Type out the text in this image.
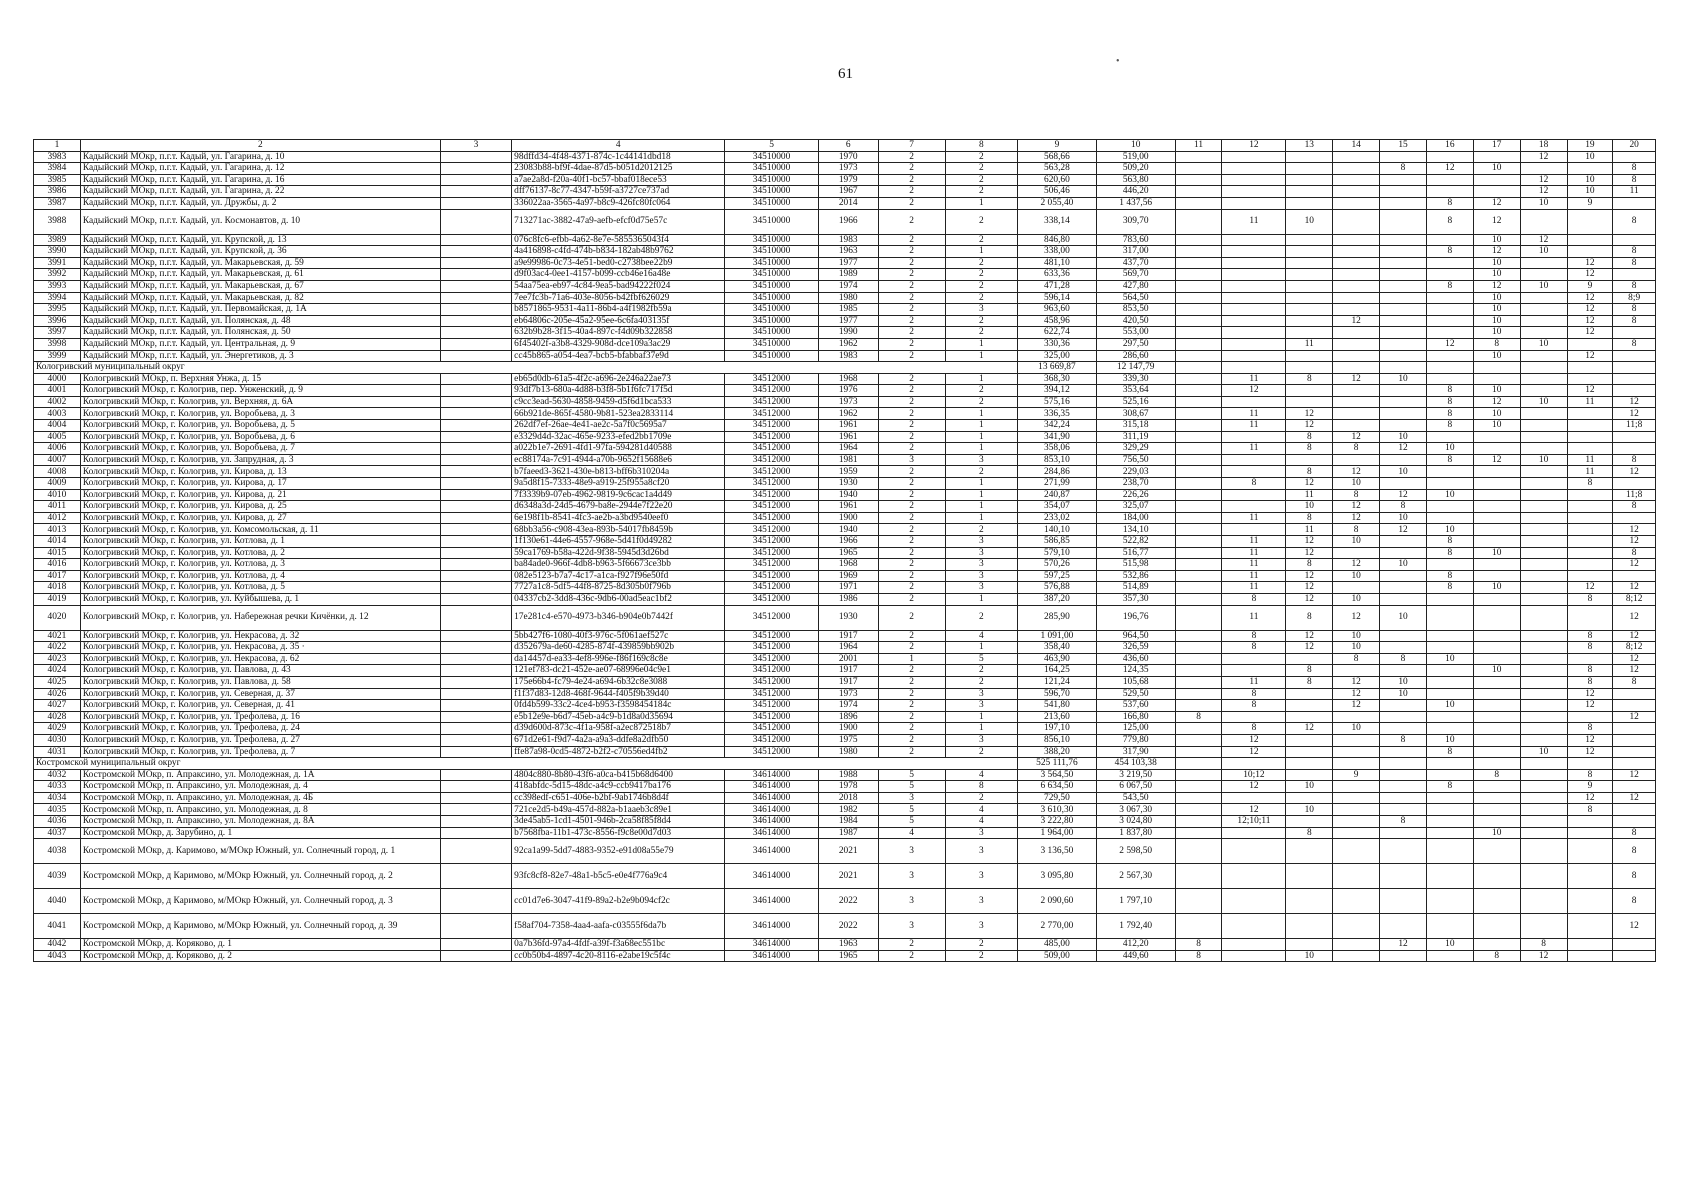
•
61
1	2	3	4	5	6	7	8	9	10	11	12	13	14	15	16	17	18	19	20
3983	Кадыйский МОкр, п.г.т. Кадый, ул. Гагарина, д. 10		98dffd34-4f48-4371-874c-1c44141dbd18	34510000	1970	2	2	568,66	519,00								12	10	
3984	Кадыйский МОкр, п.г.т. Кадый, ул. Гагарина, д. 12		23083b88-bf9f-4dae-87d5-b051d2012125	34510000	1973	2	2	563,28	509,20					8	12	10			8
3985	Кадыйский МОкр, п.г.т. Кадый, ул. Гагарина, д. 16		a7ae2a8d-f20a-40f1-bc57-bbaf018ece53	34510000	1979	2	2	620,60	563,80								12	10	8
3986	Кадыйский МОкр, п.г.т. Кадый, ул. Гагарина, д. 22		dff76137-8c77-4347-b59f-a3727ce737ad	34510000	1967	2	2	506,46	446,20								12	10	11
3987	Кадыйский МОкр, п.г.т. Кадый, ул. Дружбы, д. 2		336022aa-3565-4a97-b8c9-426fc80fc064	34510000	2014	2	1	2 055,40	1 437,56						8	12	10	9	
3988	Кадыйский МОкр, п.г.т. Кадый, ул. Космонавтов, д. 10		713271ac-3882-47a9-aefb-efcf0d75e57c	34510000	1966	2	2	338,14	309,70		11	10			8	12			8
3989	Кадыйский МОкр, п.г.т. Кадый, ул. Крупской, д. 13		076c8fc6-efbb-4a62-8e7e-5855365043f4	34510000	1983	2	2	846,80	783,60							10	12		
3990	Кадыйский МОкр, п.г.т. Кадый, ул. Крупской, д. 36		4a416898-c4fd-474b-b834-182ab48b9762	34510000	1963	2	1	338,00	317,00						8	12	10		8
3991	Кадыйский МОкр, п.г.т. Кадый, ул. Макарьевская, д. 59		a9e99986-0c73-4e51-bed0-c2738bee22b9	34510000	1977	2	2	481,10	437,70							10		12	8
3992	Кадыйский МОкр, п.г.т. Кадый, ул. Макарьевская, д. 61		d9f03ac4-0ee1-4157-b099-ccb46e16a48e	34510000	1989	2	2	633,36	569,70							10		12	
3993	Кадыйский МОкр, п.г.т. Кадый, ул. Макарьевская, д. 67		54aa75ea-eb97-4c84-9ea5-bad94222f024	34510000	1974	2	2	471,28	427,80						8	12	10	9	8
3994	Кадыйский МОкр, п.г.т. Кадый, ул. Макарьевская, д. 82		7ee7fc3b-71a6-403e-8056-b42fbf626029	34510000	1980	2	2	596,14	564,50							10		12	8;9
3995	Кадыйский МОкр, п.г.т. Кадый, ул. Первомайская, д. 1А		b8571865-9531-4a11-86b4-a4f1982fb59a	34510000	1985	2	3	963,60	853,50							10		12	8
3996	Кадыйский МОкр, п.г.т. Кадый, ул. Полянская, д. 48		eb64806c-205e-45a2-95ee-6c6fa403135f	34510000	1977	2	2	458,96	420,50				12			10		12	8
3997	Кадыйский МОкр, п.г.т. Кадый, ул. Полянская, д. 50		632b9b28-3f15-40a4-897c-f4d09b322858	34510000	1990	2	2	622,74	553,00							10		12	
3998	Кадыйский МОкр, п.г.т. Кадый, ул. Центральная, д. 9		6f45402f-a3b8-4329-908d-dce109a3ac29	34510000	1962	2	1	330,36	297,50			11			12	8	10		8
3999	Кадыйский МОкр, п.г.т. Кадый, ул. Энергетиков, д. 3		cc45b865-a054-4ea7-bcb5-bfabbaf37e9d	34510000	1983	2	1	325,00	286,60							10		12	
Кологривский муниципальный округ								13 669,87	12 147,79										
4000	Кологривский МОкр, п. Верхняя Унжа, д. 15		eb65d0db-61a5-4f2c-a696-2e246a22ae73	34512000	1968	2	1	368,30	339,30		11	8	12	10					
4001	Кологривский МОкр, г. Кологрив, пер. Унженский, д. 9		93df7b13-680a-4d88-b3f8-5b1f6fc717f5d	34512000	1976	2	2	394,12	353,64		12				8	10		12	
4002	Кологривский МОкр, г. Кологрив, ул. Верхняя, д. 6А		c9cc3ead-5630-4858-9459-d5f6d1bca533	34512000	1973	2	2	575,16	525,16						8	12	10	11	12
4003	Кологривский МОкр, г. Кологрив, ул. Воробьева, д. 3		66b921de-865f-4580-9b81-523ea2833114	34512000	1962	2	1	336,35	308,67		11	12			8	10			12
4004	Кологривский МОкр, г. Кологрив, ул. Воробьева, д. 5		262df7ef-26ae-4e41-ae2c-5a7f0c5695a7	34512000	1961	2	1	342,24	315,18		11	12			8	10			11;8
4005	Кологривский МОкр, г. Кологрив, ул. Воробьева, д. 6		e3329d4d-32ac-465e-9233-efed2bb1709e	34512000	1961	2	1	341,90	311,19			8	12	10					
4006	Кологривский МОкр, г. Кологрив, ул. Воробьева, д. 7		a022b1e7-2691-4fd1-97fa-594281d40588	34512000	1964	2	1	358,06	329,29		11	8	8	12	10				
4007	Кологривский МОкр, г. Кологрив, ул. Запрудная, д. 3		ec88174a-7c91-4944-a70b-9652f15688e6	34512000	1981	3	3	853,10	756,50						8	12	10	11	8
4008	Кологривский МОкр, г. Кологрив, ул. Кирова, д. 13		b7faeed3-3621-430e-b813-bff6b310204a	34512000	1959	2	2	284,86	229,03			8	12	10				11	12
4009	Кологривский МОкр, г. Кологрив, ул. Кирова, д. 17		9a5d8f15-7333-48e9-a919-25f955a8cf20	34512000	1930	2	1	271,99	238,70		8	12	10					8	
4010	Кологривский МОкр, г. Кологрив, ул. Кирова, д. 21		7f3339b9-07eb-4962-9819-9c6cac1a4d49	34512000	1940	2	1	240,87	226,26			11	8	12	10				11;8
4011	Кологривский МОкр, г. Кологрив, ул. Кирова, д. 25		d6348a3d-24d5-4679-ba8e-2944e7f22e20	34512000	1961	2	1	354,07	325,07			10	12	8					8
4012	Кологривский МОкр, г. Кологрив, ул. Кирова, д. 27		6e198f1b-8541-4fc3-ae2b-a3bd9540eef0	34512000	1900	2	1	233,02	184,00		11	8	12	10					
4013	Кологривский МОкр, г. Кологрив, ул. Комсомольская, д. 11		68bb3a56-c908-43ea-893b-54017fb8459b	34512000	1940	2	2	140,10	134,10			11	8	12	10				12
4014	Кологривский МОкр, г. Кологрив, ул. Котлова, д. 1		1f130e61-44e6-4557-968e-5d41f0d49282	34512000	1966	2	3	586,85	522,82		11	12	10		8				12
4015	Кологривский МОкр, г. Кологрив, ул. Котлова, д. 2		59ca1769-b58a-422d-9f38-5945d3d26bd	34512000	1965	2	3	579,10	516,77		11	12			8	10			8
4016	Кологривский МОкр, г. Кологрив, ул. Котлова, д. 3		ba84ade0-966f-4db8-b963-5f66673ce3bb	34512000	1968	2	3	570,26	515,98		11	8	12	10					12
4017	Кологривский МОкр, г. Кологрив, ул. Котлова, д. 4		082e5123-b7a7-4c17-a1ca-f927f96e50fd	34512000	1969	2	3	597,25	532,86		11	12	10		8				
4018	Кологривский МОкр, г. Кологрив, ул. Котлова, д. 5		7727a1c8-5df5-44f8-8725-8d305b0f796b	34512000	1971	2	3	576,88	514,89		11	12			8	10		12	12
4019	Кологривский МОкр, г. Кологрив, ул. Куйбышева, д. 1		04337cb2-3dd8-436c-9db6-00ad5eac1bf2	34512000	1986	2	1	387,20	357,30		8	12	10					8	8;12
4020	Кологривский МОкр, г. Кологрив, ул. Набережная речки Кичёнки, д. 12		17e281c4-e570-4973-b346-b904e0b7442f	34512000	1930	2	2	285,90	196,76		11	8	12	10					12
4021	Кологривский МОкр, г. Кологрив, ул. Некрасова, д. 32		5bb427f6-1080-40f3-976c-5f061aef527c	34512000	1917	2	4	1 091,00	964,50		8	12	10					8	12
4022	Кологривский МОкр, г. Кологрив, ул. Некрасова, д. 35 ·		d352679a-de60-4285-874f-439859bb902b	34512000	1964	2	1	358,40	326,59		8	12	10					8	8;12
4023	Кологривский МОкр, г. Кологрив, ул. Некрасова, д. 62		da14457d-ea33-4ef8-996e-f86f169c8c8e	34512000	2001	1	5	463,90	436,60				8	8	10				12
4024	Кологривский МОкр, г. Кологрив, ул. Павлова, д. 43		121ef783-dc21-452e-ae07-68996e04c9e1	34512000	1917	2	2	164,25	124,35			8				10		8	12
4025	Кологривский МОкр, г. Кологрив, ул. Павлова, д. 58		175e66b4-fc79-4e24-a694-6b32c8e3088	34512000	1917	2	2	121,24	105,68		11	8	12	10				8	8
4026	Кологривский МОкр, г. Кологрив, ул. Северная, д. 37		f1f37d83-12d8-468f-9644-f405f9b39d40	34512000	1973	2	3	596,70	529,50		8		12	10				12	
4027	Кологривский МОкр, г. Кологрив, ул. Северная, д. 41		0fd4b599-33c2-4ce4-b953-f3598454184c	34512000	1974	2	3	541,80	537,60		8		12		10			12	
4028	Кологривский МОкр, г. Кологрив, ул. Трефолева, д. 16		e5b12e9e-b6d7-45eb-a4c9-b1d8a0d35694	34512000	1896	2	1	213,60	166,80	8									12
4029	Кологривский МОкр, г. Кологрив, ул. Трефолева, д. 24		d39d600d-873c-4f1a-958f-a2ec872518b7	34512000	1900	2	1	197,10	125,00		8	12	10					8	
4030	Кологривский МОкр, г. Кологрив, ул. Трефолева, д. 27		671d2e61-f9d7-4a2a-a9a3-ddfe8a2dfb50	34512000	1975	2	3	856,10	779,80		12			8	10			12	
4031	Кологривский МОкр, г. Кологрив, ул. Трефолева, д. 7		ffe87a98-0cd5-4872-b2f2-c70556ed4fb2	34512000	1980	2	2	388,20	317,90		12				8		10	12	
Костромской муниципальный округ								525 111,76	454 103,38										
4032	Костромской МОкр, п. Апраксино, ул. Молодежная, д. 1А		4804c880-8b80-43f6-a0ca-b415b68d6400	34614000	1988	5	4	3 564,50	3 219,50		10;12		9			8		8	12
4033	Костромской МОкр, п. Апраксино, ул. Молодежная, д. 4		418abfdc-5d15-48dc-a4c9-ccb9417ba176	34614000	1978	5	8	6 634,50	6 067,50		12	10			8			9	
4034	Костромской МОкр, п. Апраксино, ул. Молодежная, д. 4Б		cc398edf-c651-406e-b2bf-9ab1746b8d4f	34614000	2018	3	2	729,50	543,50									12	12
4035	Костромской МОкр, п. Апраксино, ул. Молодежная, д. 8		721ce2d5-b49a-457d-882a-b1aaeb3c89e1	34614000	1982	5	4	3 610,30	3 067,30		12	10						8	
4036	Костромской МОкр, п. Апраксино, ул. Молодежная, д. 8А		3de45ab5-1cd1-4501-946b-2ca58f85f8d4	34614000	1984	5	4	3 222,80	3 024,80		12;10;11			8					
4037	Костромской МОкр, д. Зарубино, д. 1		b7568fba-11b1-473c-8556-f9c8e00d7d03	34614000	1987	4	3	1 964,00	1 837,80			8				10			8
4038	Костромской МОкр, д. Каримово, м/МОкр Южный, ул. Солнечный город, д. 1		92ca1a99-5dd7-4883-9352-e91d08a55e79	34614000	2021	3	3	3 136,50	2 598,50										8
4039	Костромской МОкр, д Каримово, м/МОкр Южный, ул. Солнечный город, д. 2		93fc8cf8-82e7-48a1-b5c5-e0e4f776a9c4	34614000	2021	3	3	3 095,80	2 567,30										8
4040	Костромской МОкр, д Каримово, м/МОкр Южный, ул. Солнечный город, д. 3		cc01d7e6-3047-41f9-89a2-b2e9b094cf2c	34614000	2022	3	3	2 090,60	1 797,10										8
4041	Костромской МОкр, д Каримово, м/МОкр Южный, ул. Солнечный город, д. 39		f58af704-7358-4aa4-aafa-c03555f6da7b	34614000	2022	3	3	2 770,00	1 792,40										12
4042	Костромской МОкр, д. Коряково, д. 1		0a7b36fd-97a4-4fdf-a39f-f3a68ec551bc	34614000	1963	2	2	485,00	412,20	8				12	10		8		
4043	Костромской МОкр, д. Коряково, д. 2		cc0b50b4-4897-4c20-8116-e2abe19c5f4c	34614000	1965	2	2	509,00	449,60	8		10				8	12		
